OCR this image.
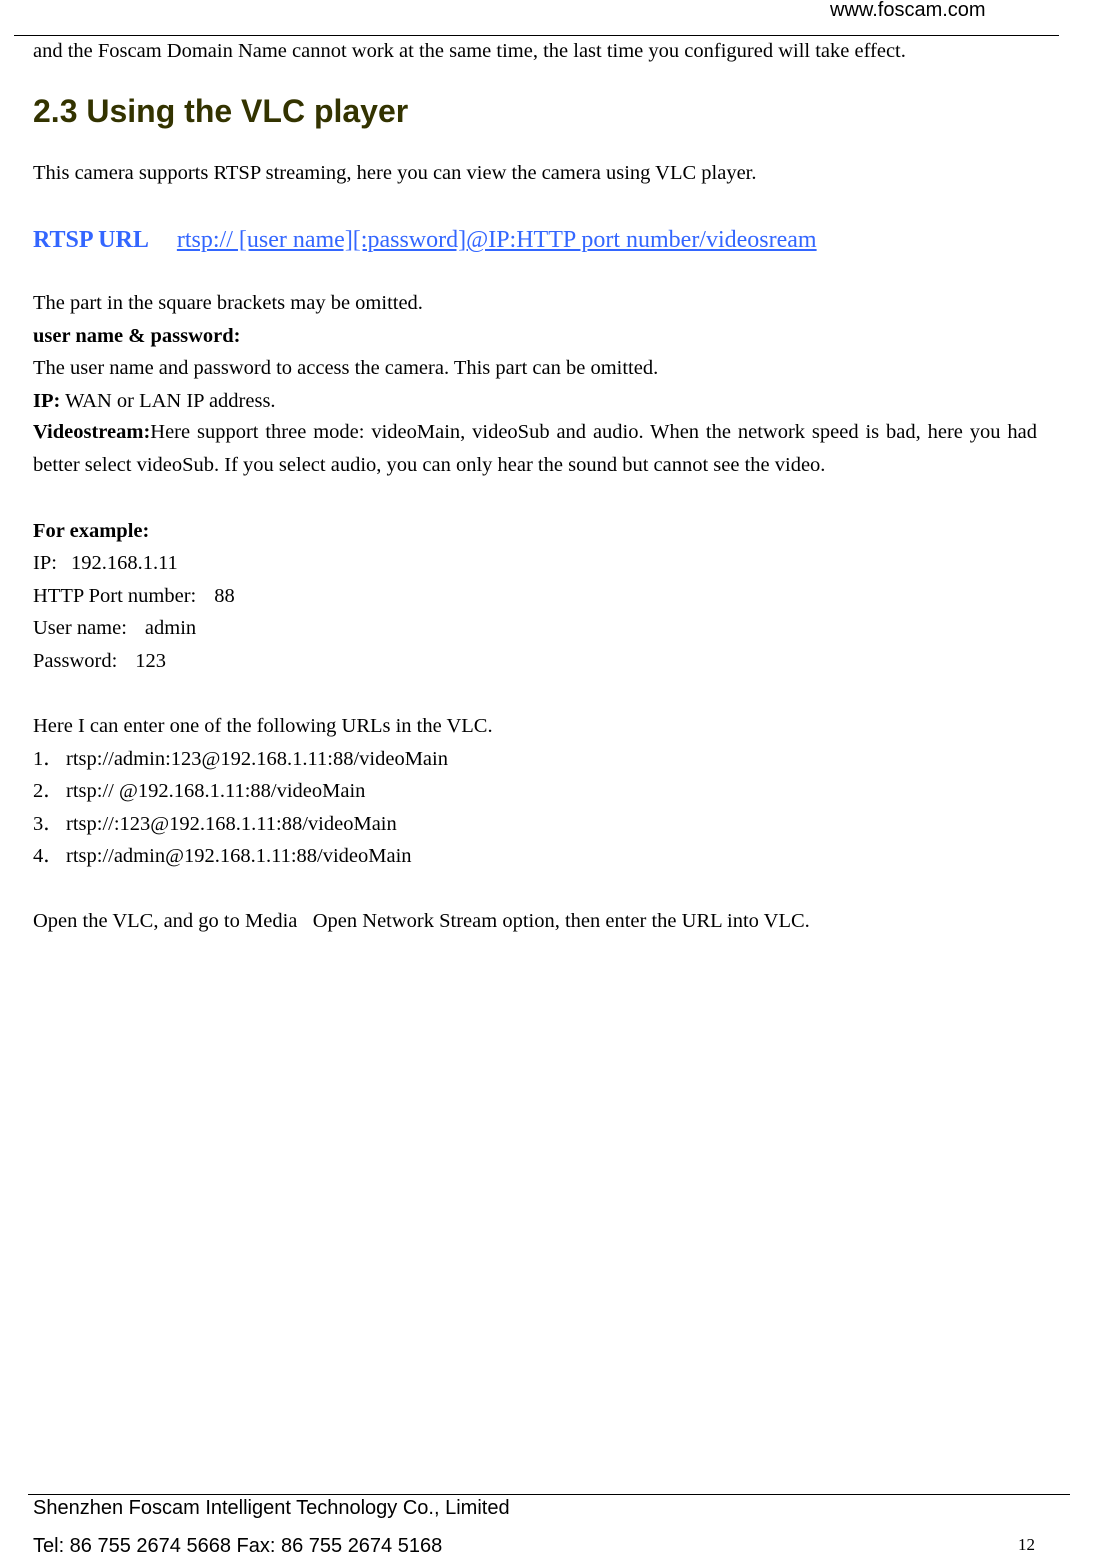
www.foscam.com
and the Foscam Domain Name cannot work at the same time, the last time you configured will take effect.
2.3 Using the VLC player
This camera supports RTSP streaming, here you can view the camera using VLC player.
RTSP URL rtsp:// [user name][:password]@IP:HTTP port number/videosream
The part in the square brackets may be omitted.
user name & password:
The user name and password to access the camera. This part can be omitted.
IP: WAN or LAN IP address.
Videostream:Here support three mode: videoMain, videoSub and audio. When the network speed is bad, here you had better select videoSub. If you select audio, you can only hear the sound but cannot see the video.
For example:
IP: 192.168.1.11
HTTP Port number: 88
User name: admin
Password: 123
Here I can enter one of the following URLs in the VLC.
1． rtsp://admin:123@192.168.1.11:88/videoMain
2． rtsp:// @192.168.1.11:88/videoMain
3． rtsp://:123@192.168.1.11:88/videoMain
4． rtsp://admin@192.168.1.11:88/videoMain
Open the VLC, and go to Media   Open Network Stream option, then enter the URL into VLC.
Shenzhen Foscam Intelligent Technology Co., Limited
Tel: 86 755 2674 5668 Fax: 86 755 2674 5168	12
